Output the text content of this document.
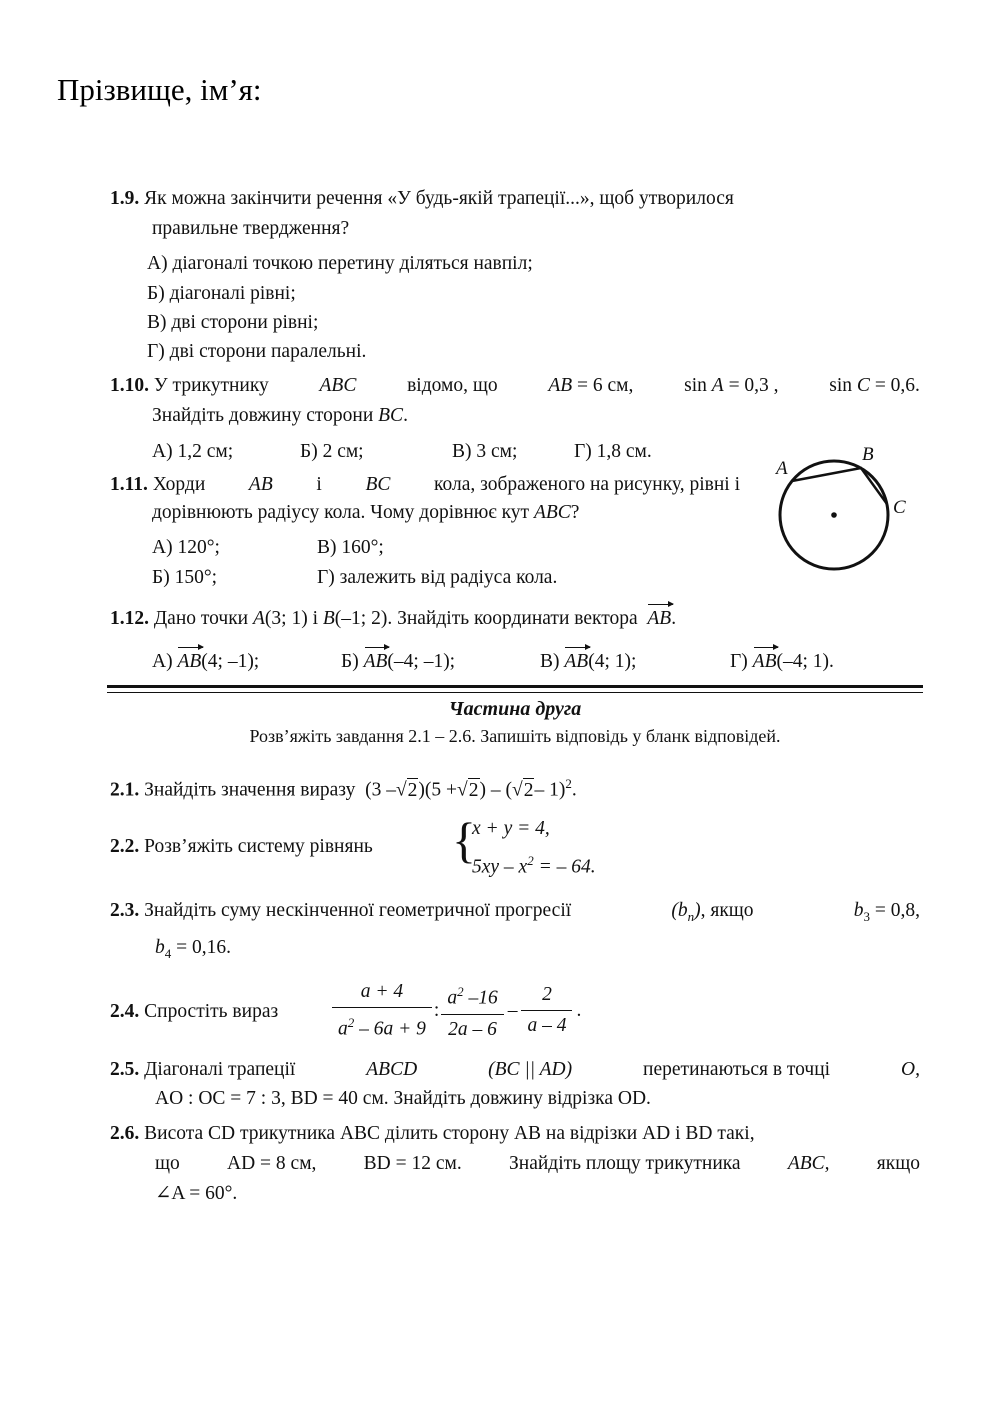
Прізвище, ім’я:
1.9. Як можна закінчити речення «У будь-якій трапеції...», щоб утворилося
правильне твердження?
А) діагоналі точкою перетину діляться навпіл;
Б) діагоналі рівні;
В) дві сторони рівні;
Г) дві сторони паралельні.
1.10. У трикутнику	ABC	відомо, що	AB = 6 см,	sin A = 0,3 ,	sin C = 0,6.
Знайдіть довжину сторони BC.
А) 1,2 см;	Б) 2 см;	В) 3 см;	Г) 1,8 см.
1.11. Хорди AB і BC кола, зображеного на рисунку, рівні і
дорівнюють радіусу кола. Чому дорівнює кут ABC?
А) 120°;	В) 160°;
Б) 150°;	Г) залежить від радіуса кола.
A
B
C
1.12. Дано точки A(3; 1) і B(–1; 2). Знайдіть координати вектора AB.
А) AB(4; –1);	Б) AB(–4; –1);	В) AB(4; 1);	Г) AB(–4; 1).
Частина друга
Розв’яжіть завдання 2.1 – 2.6. Запишіть відповідь у бланк відповідей.
2.1. Знайдіть значення виразу (3 –√2)(5 +√2) – (√2– 1)$^2$.
2.2. Розв’яжіть систему рівнянь {
x + y = 4,
$5xy - x^2$ = – 64.
2.3. Знайдіть суму нескінченної геометричної прогресії	$(b_n)$, якщо	$b_3 = 0,8$,
$b_4 = 0,16$.
2.4. Спростіть вираз	$\frac{a + 4}{a^2 - 6a + 9}$ : $\frac{a^2 -16}{2a - 6} - \frac{2}{a - 4}$ .
2.5. Діагоналі трапеції	ABCD	(BC || AD)	перетинаються в точці	O,
AO : OC = 7 : 3, BD = 40 см. Знайдіть довжину відрізка OD.
2.6. Висота CD трикутника ABC ділить сторону AB на відрізки AD і BD такі,
що AD = 8 см, BD = 12 см. Знайдіть площу трикутника ABC, якщо
∠A = 60°.
